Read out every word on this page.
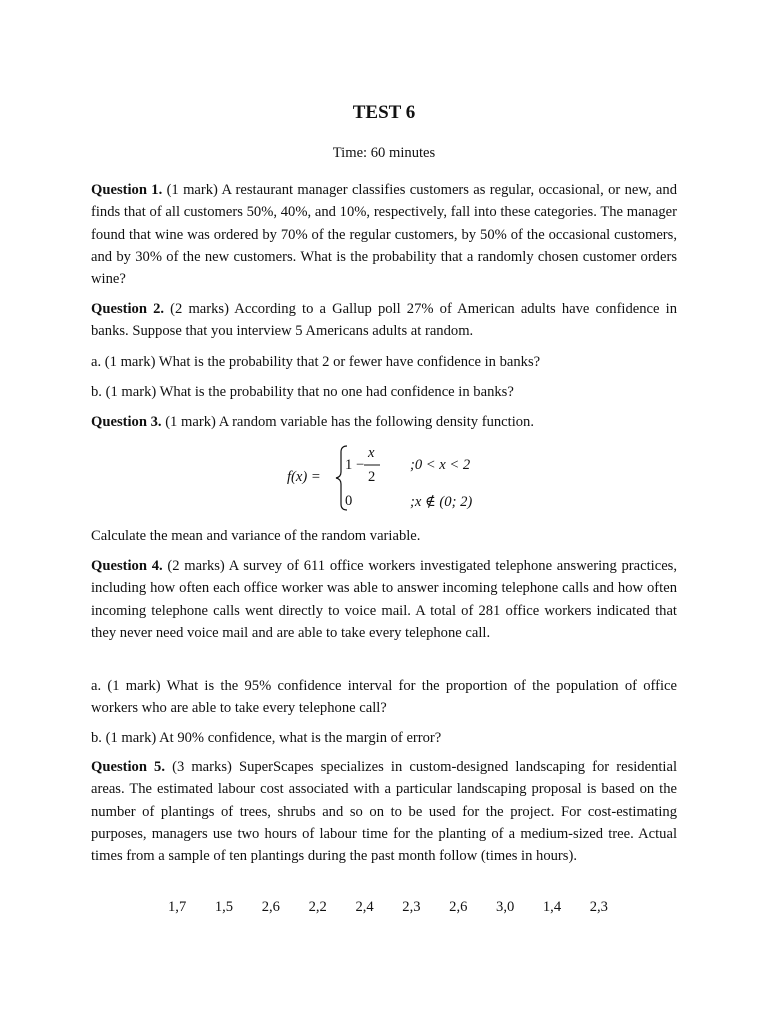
TEST 6
Time: 60 minutes

Question 1. (1 mark) A restaurant manager classifies customers as regular, occasional, or new, and finds that of all customers 50%, 40%, and 10%, respectively, fall into these categories. The manager found that wine was ordered by 70% of the regular customers, by 50% of the occasional customers, and by 30% of the new customers. What is the probability that a randomly chosen customer orders wine?

Question 2. (2 marks) According to a Gallup poll 27% of American adults have confidence in banks. Suppose that you interview 5 Americans adults at random.

a. (1 mark) What is the probability that 2 or fewer have confidence in banks?

b. (1 mark) What is the probability that no one had confidence in banks?

Question 3. (1 mark) A random variable has the following density function.

f(x) =
1 −
x
2
;0 < x < 2
0	;x ∉ (0; 2)

Calculate the mean and variance of the random variable.

Question 4. (2 marks) A survey of 611 office workers investigated telephone answering practices, including how often each office worker was able to answer incoming telephone calls and how often incoming telephone calls went directly to voice mail. A total of 281 office workers indicated that they never need voice mail and are able to take every telephone call.

a. (1 mark) What is the 95% confidence interval for the proportion of the population of office workers who are able to take every telephone call?

b. (1 mark) At 90% confidence, what is the margin of error?

Question 5. (3 marks) SuperScapes specializes in custom-designed landscaping for residential areas. The estimated labour cost associated with a particular landscaping proposal is based on the number of plantings of trees, shrubs and so on to be used for the project. For cost-estimating purposes, managers use two hours of labour time for the planting of a medium-sized tree. Actual times from a sample of ten plantings during the past month follow (times in hours).

1,7 1,5 2,6 2,2 2,4 2,3 2,6 3,0 1,4 2,3
